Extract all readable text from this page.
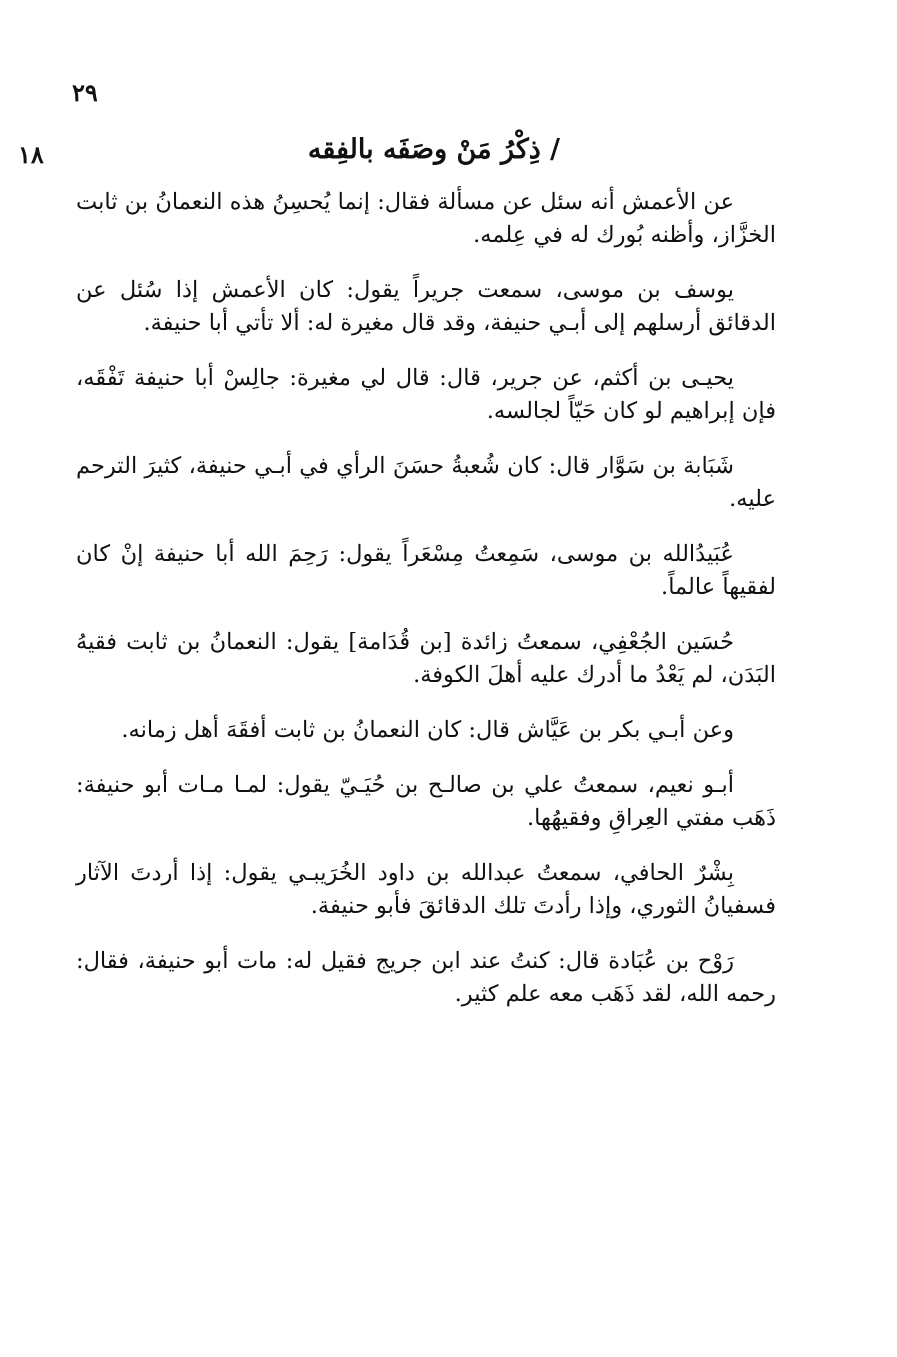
٢٩
١٨	/ ذِكْرُ مَنْ وصَفَه بالفِقه

عن الأعمش أنه سئل عن مسألة فقال: إنما يُحسِنُ هذه النعمانُ بن ثابت الخزَّاز، وأظنه بُورك له في عِلمه.

يوسف بن موسى، سمعت جريراً يقول: كان الأعمش إذا سُئل عن الدقائق أرسلهم إلى أبـي حنيفة، وقد قال مغيرة له: ألا تأتي أبا حنيفة.

يحيـى بن أكثم، عن جرير، قال: قال لي مغيرة: جالِسْ أبا حنيفة تَفْقَه، فإن إبراهيم لو كان حَيّاً لجالسه.

شَبَابة بن سَوَّار قال: كان شُعبةُ حسَنَ الرأي في أبـي حنيفة، كثيرَ الترحم عليه.

عُبَيدُالله بن موسى، سَمِعتُ مِسْعَراً يقول: رَحِمَ الله أبا حنيفة إنْ كان لفقيهاً عالماً.

حُسَين الجُعْفِي، سمعتُ زائدة [بن قُدَامة] يقول: النعمانُ بن ثابت فقيهُ البَدَن، لم يَعْدُ ما أدرك عليه أهلَ الكوفة.

وعن أبـي بكر بن عَيَّاش قال: كان النعمانُ بن ثابت أفقَهَ أهل زمانه.

أبـو نعيم، سمعتُ علي بن صالـح بن حُيَـيّ يقول: لمـا مـات أبو حنيفة: ذَهَب مفتي العِراقِ وفقيهُها.

بِشْرٌ الحافي، سمعتُ عبدالله بن داود الخُرَيبـي يقول: إذا أردتَ الآثار فسفيانُ الثوري، وإذا رأدتَ تلك الدقائقَ فأبو حنيفة.

رَوْح بن عُبَادة قال: كنتُ عند ابن جريج فقيل له: مات أبو حنيفة، فقال: رحمه الله، لقد ذَهَب معه علم كثير.
